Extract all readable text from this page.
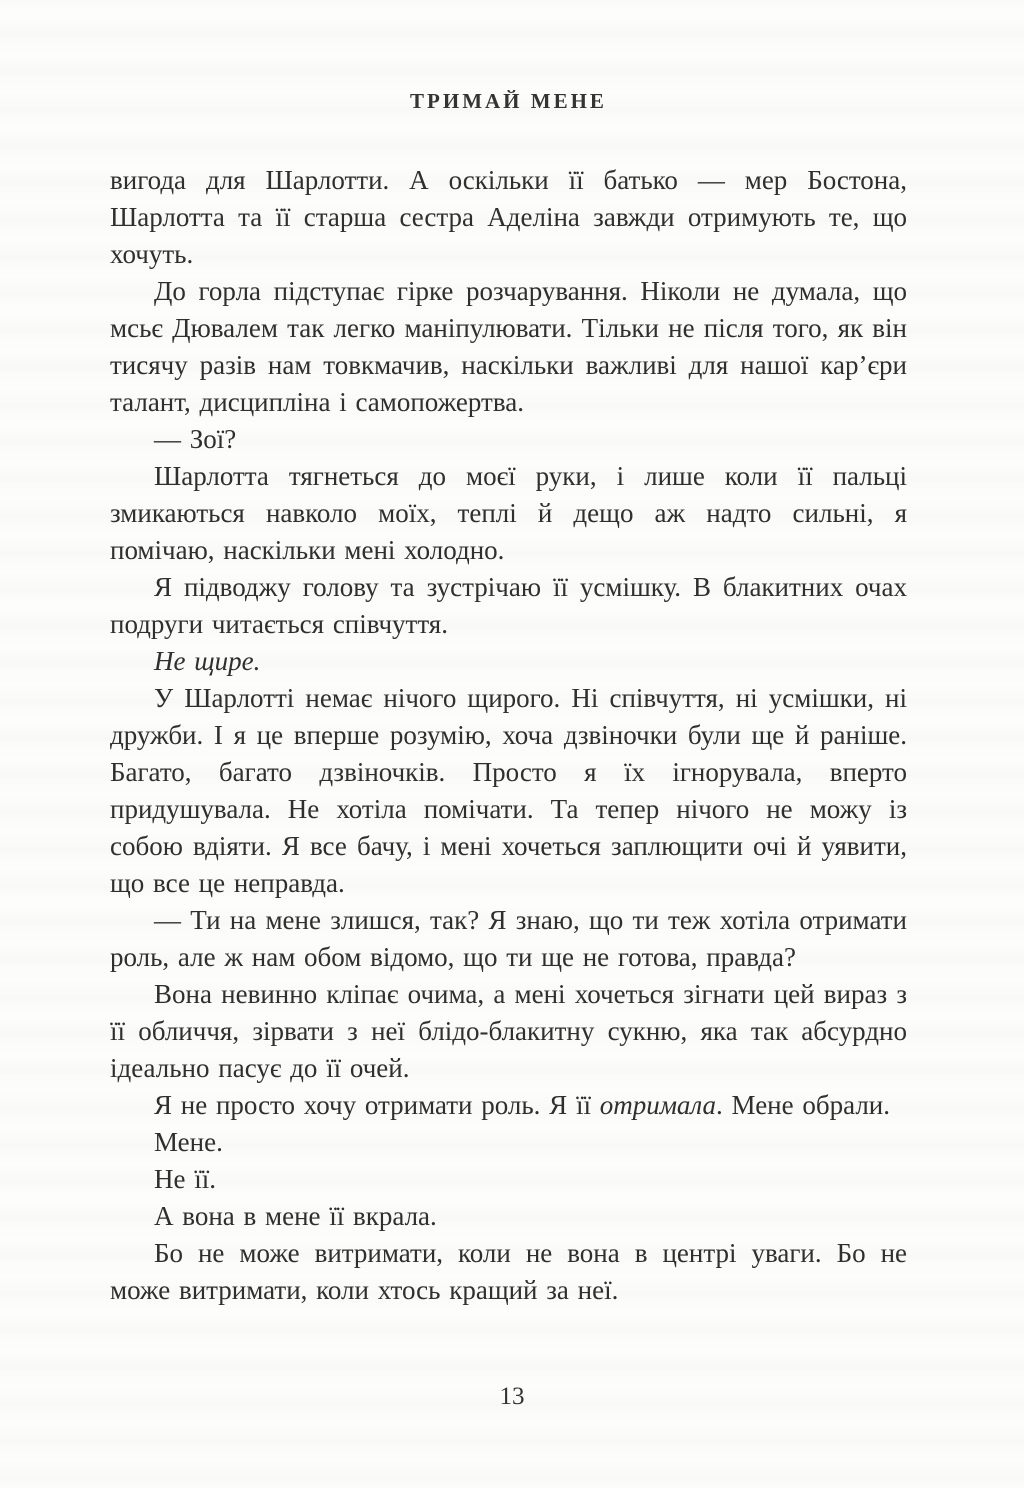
ТРИМАЙ МЕНЕ

вигода для Шарлотти. А оскільки її батько — мер Бостона, Шарлотта та її старша сестра Аделіна завжди отримують те, що хочуть.

До горла підступає гірке розчарування. Ніколи не думала, що мсьє Дювалем так легко маніпулювати. Тільки не після того, як він тисячу разів нам товкмачив, наскільки важливі для нашої кар’єри талант, дисципліна і самопожертва.

— Зої?

Шарлотта тягнеться до моєї руки, і лише коли її пальці змикаються навколо моїх, теплі й дещо аж надто сильні, я помічаю, наскільки мені холодно.

Я підводжу голову та зустрічаю її усмішку. В блакитних очах подруги читається співчуття.

Не щире.

У Шарлотті немає нічого щирого. Ні співчуття, ні усмішки, ні дружби. І я це вперше розумію, хоча дзвіночки були ще й раніше. Багато, багато дзвіночків. Просто я їх ігнорувала, вперто придушувала. Не хотіла помічати. Та тепер нічого не можу із собою вдіяти. Я все бачу, і мені хочеться заплющити очі й уявити, що все це неправда.

— Ти на мене злишся, так? Я знаю, що ти теж хотіла отримати роль, але ж нам обом відомо, що ти ще не готова, правда?

Вона невинно кліпає очима, а мені хочеться зігнати цей вираз з її обличчя, зірвати з неї блідо-блакитну сукню, яка так абсурдно ідеально пасує до її очей.

Я не просто хочу отримати роль. Я її отримала. Мене обрали.

Мене.

Не її.

А вона в мене її вкрала.

Бо не може витримати, коли не вона в центрі уваги. Бо не може витримати, коли хтось кращий за неї.

13
